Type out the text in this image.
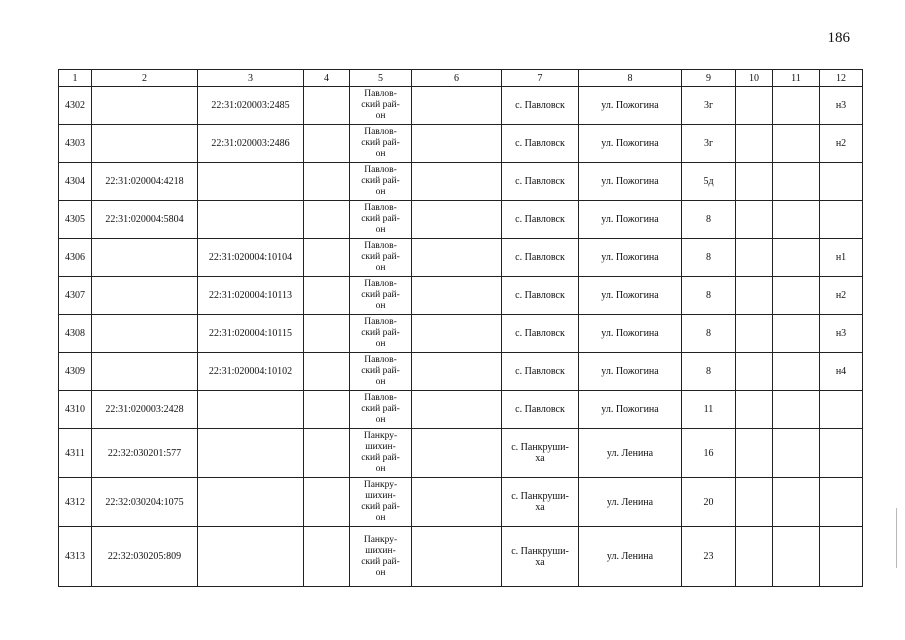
186
1	2	3	4	5	6	7	8	9	10	11	12
4302		22:31:020003:2485		Павлов-
ский рай-
он		с. Павловск	ул. Пожогина	3г			н3
4303		22:31:020003:2486		Павлов-
ский рай-
он		с. Павловск	ул. Пожогина	3г			н2
4304	22:31:020004:4218			Павлов-
ский рай-
он		с. Павловск	ул. Пожогина	5д			
4305	22:31:020004:5804			Павлов-
ский рай-
он		с. Павловск	ул. Пожогина	8			
4306		22:31:020004:10104		Павлов-
ский рай-
он		с. Павловск	ул. Пожогина	8			н1
4307		22:31:020004:10113		Павлов-
ский рай-
он		с. Павловск	ул. Пожогина	8			н2
4308		22:31:020004:10115		Павлов-
ский рай-
он		с. Павловск	ул. Пожогина	8			н3
4309		22:31:020004:10102		Павлов-
ский рай-
он		с. Павловск	ул. Пожогина	8			н4
4310	22:31:020003:2428			Павлов-
ский рай-
он		с. Павловск	ул. Пожогина	11			
4311	22:32:030201:577			Панкру-
шихин-
ский рай-
он		с. Панкруши-
ха	ул. Ленина	16			
4312	22:32:030204:1075			Панкру-
шихин-
ский рай-
он		с. Панкруши-
ха	ул. Ленина	20			
4313	22:32:030205:809			Панкру-
шихин-
ский рай-
он		с. Панкруши-
ха	ул. Ленина	23			
